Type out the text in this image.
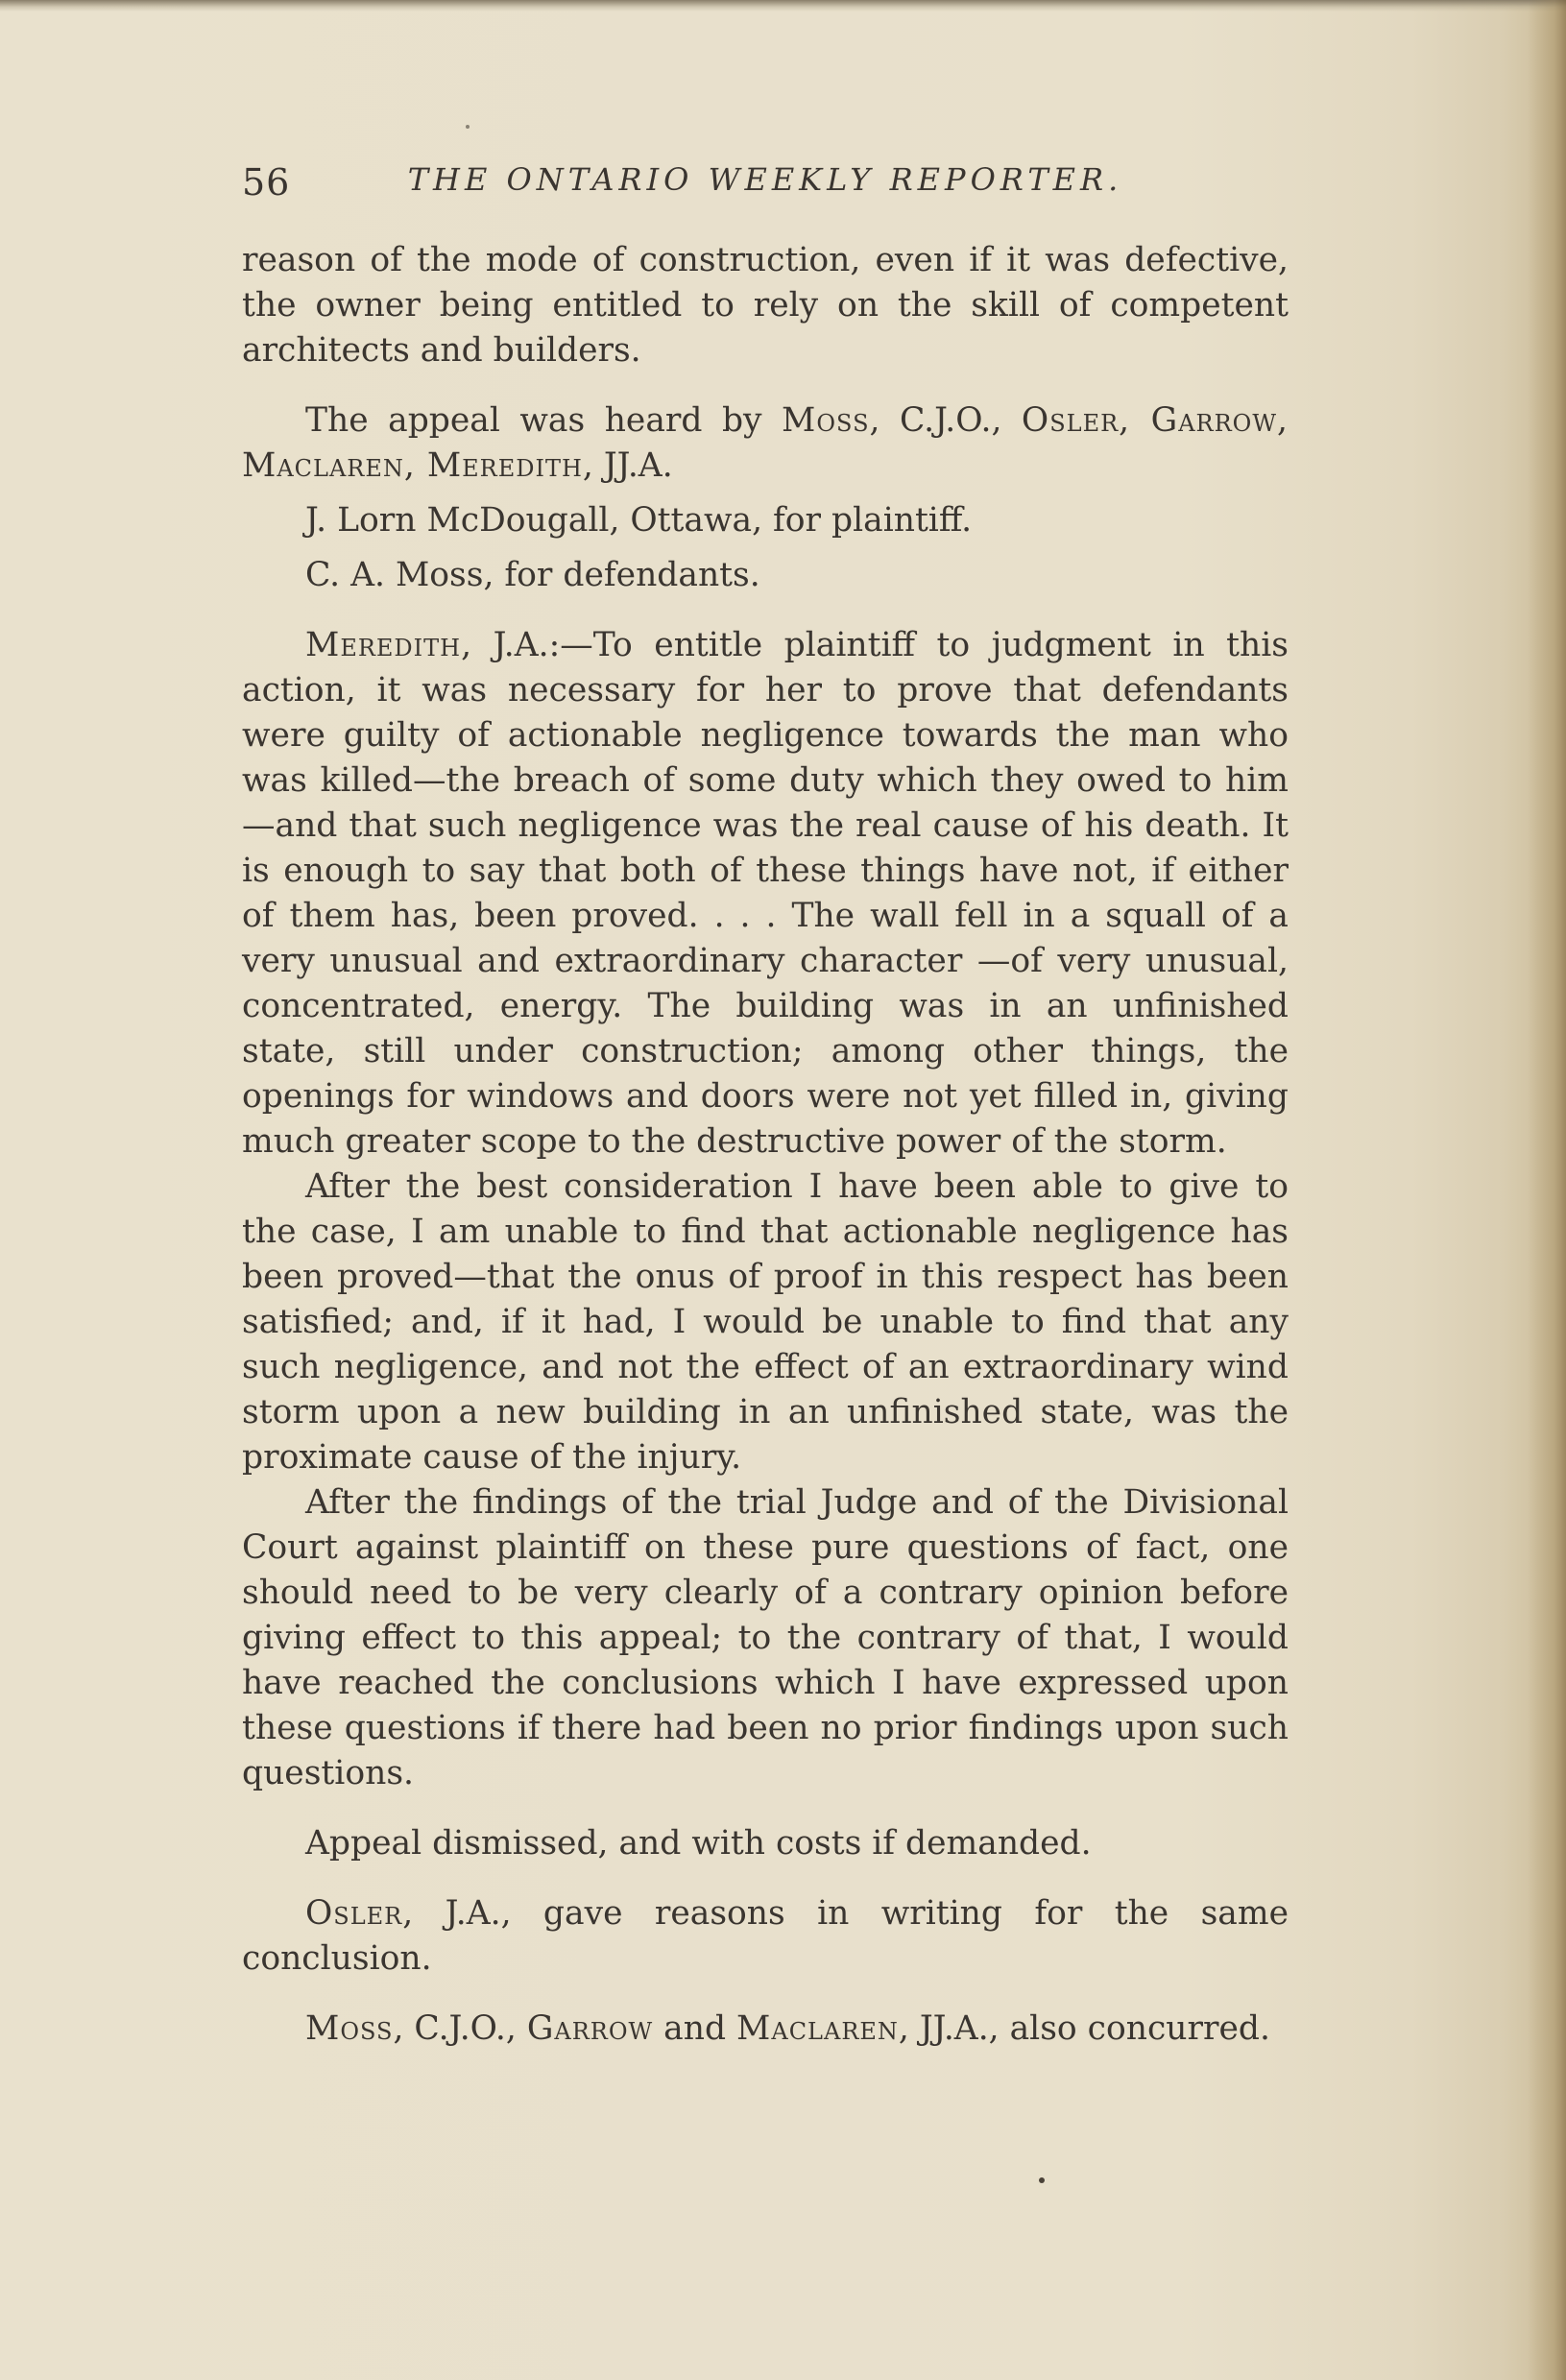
56	THE ONTARIO WEEKLY REPORTER.

reason of the mode of construction, even if it was defective, the owner being entitled to rely on the skill of competent architects and builders.

The appeal was heard by Moss, C.J.O., Osler, Garrow, Maclaren, Meredith, JJ.A.

J. Lorn McDougall, Ottawa, for plaintiff.

C. A. Moss, for defendants.

Meredith, J.A.:—To entitle plaintiff to judgment in this action, it was necessary for her to prove that defendants were guilty of actionable negligence towards the man who was killed—the breach of some duty which they owed to him—and that such negligence was the real cause of his death. It is enough to say that both of these things have not, if either of them has, been proved. . . . The wall fell in a squall of a very unusual and extraordinary character —of very unusual, concentrated, energy. The building was in an unfinished state, still under construction; among other things, the openings for windows and doors were not yet filled in, giving much greater scope to the destructive power of the storm.

After the best consideration I have been able to give to the case, I am unable to find that actionable negligence has been proved—that the onus of proof in this respect has been satisfied; and, if it had, I would be unable to find that any such negligence, and not the effect of an extraordinary wind storm upon a new building in an unfinished state, was the proximate cause of the injury.

After the findings of the trial Judge and of the Divisional Court against plaintiff on these pure questions of fact, one should need to be very clearly of a contrary opinion before giving effect to this appeal; to the contrary of that, I would have reached the conclusions which I have expressed upon these questions if there had been no prior findings upon such questions.

Appeal dismissed, and with costs if demanded.

Osler, J.A., gave reasons in writing for the same conclusion.

Moss, C.J.O., Garrow and Maclaren, JJ.A., also concurred.
